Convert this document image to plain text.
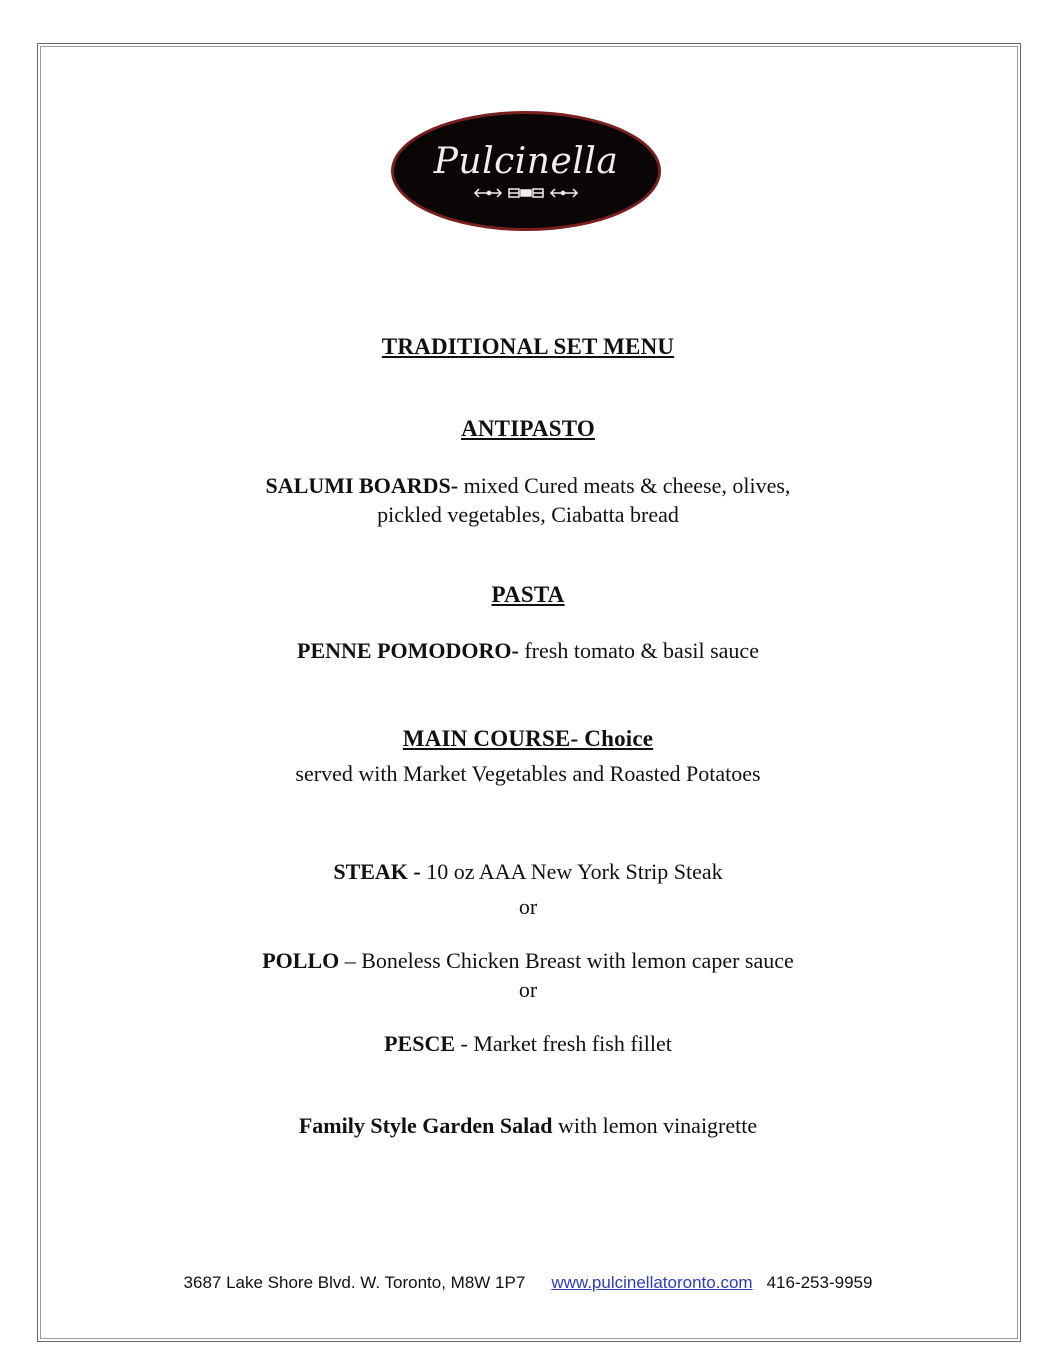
Pulcinella
TRADITIONAL SET MENU
ANTIPASTO
SALUMI BOARDS- mixed Cured meats & cheese, olives,
pickled vegetables, Ciabatta bread
PASTA
PENNE POMODORO- fresh tomato & basil sauce
MAIN COURSE- Choice
served with Market Vegetables and Roasted Potatoes
STEAK - 10 oz AAA New York Strip Steak
or
POLLO – Boneless Chicken Breast with lemon caper sauce
or
PESCE - Market fresh fish fillet
Family Style Garden Salad with lemon vinaigrette
3687 Lake Shore Blvd. W. Toronto, M8W 1P7 www.pulcinellatoronto.com 416-253-9959
